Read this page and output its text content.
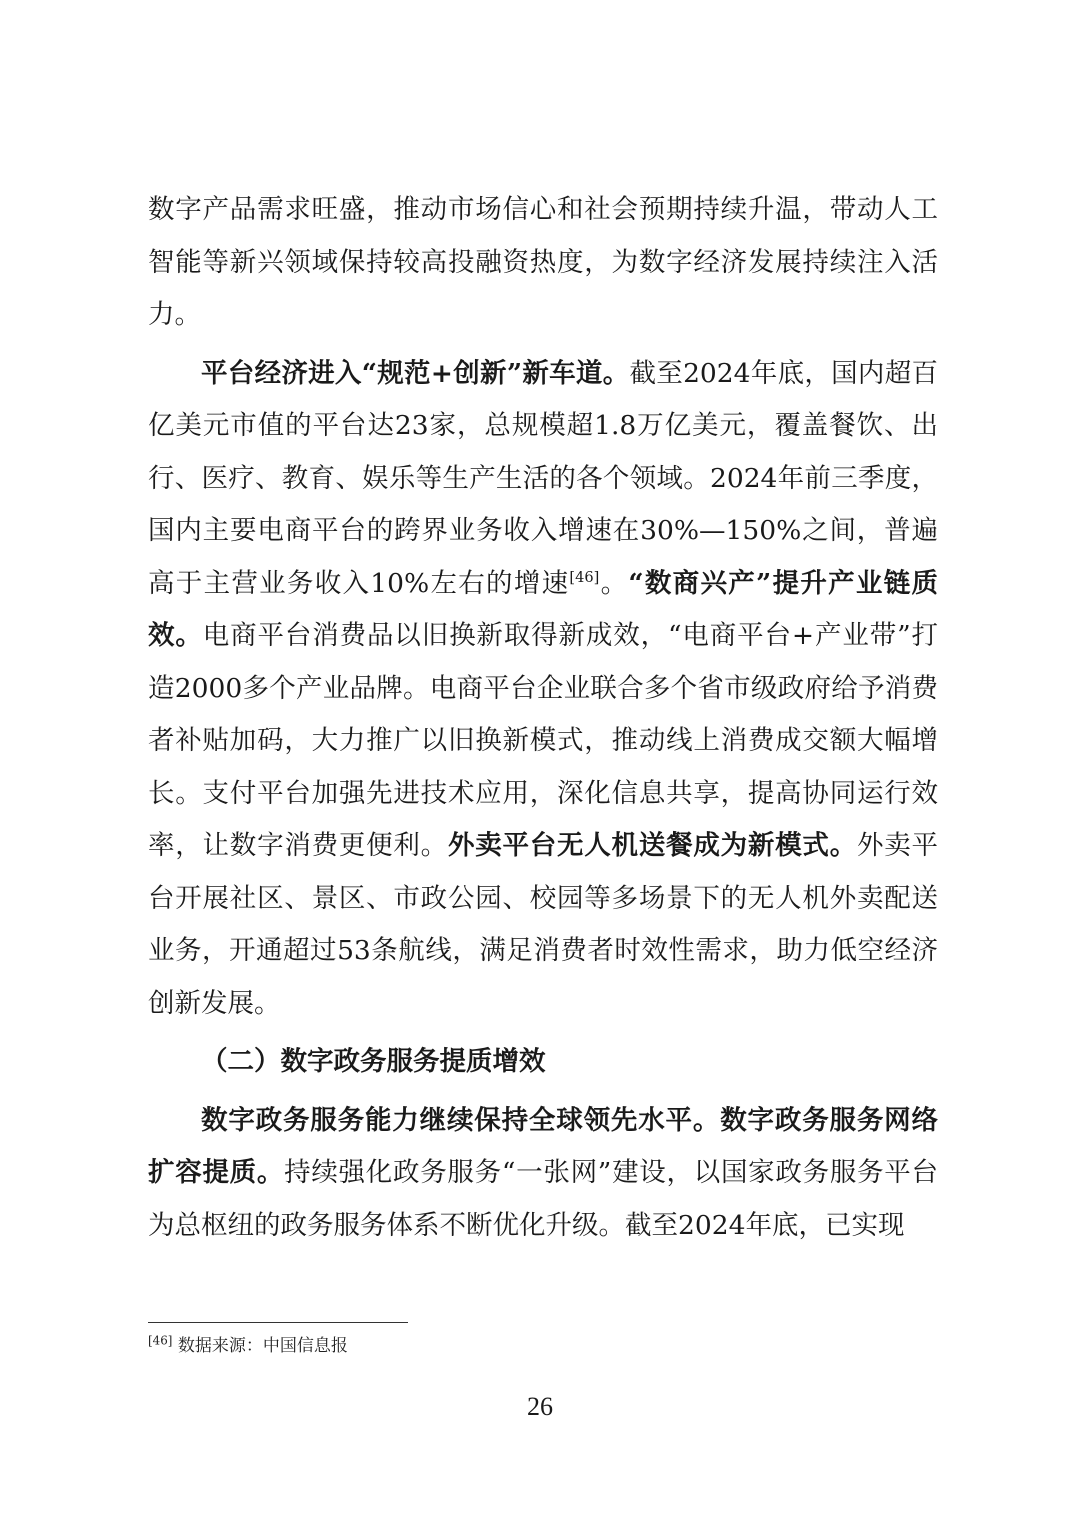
数字产品需求旺盛，推动市场信心和社会预期持续升温，带动人工智能等新兴领域保持较高投融资热度，为数字经济发展持续注入活力。

平台经济进入“规范+创新”新车道。截至2024年底，国内超百亿美元市值的平台达23家，总规模超1.8万亿美元，覆盖餐饮、出行、医疗、教育、娱乐等生产生活的各个领域。2024年前三季度，国内主要电商平台的跨界业务收入增速在30%—150%之间，普遍高于主营业务收入10%左右的增速[46]。“数商兴产”提升产业链质效。电商平台消费品以旧换新取得新成效，“电商平台+产业带”打造2000多个产业品牌。电商平台企业联合多个省市级政府给予消费者补贴加码，大力推广以旧换新模式，推动线上消费成交额大幅增长。支付平台加强先进技术应用，深化信息共享，提高协同运行效率，让数字消费更便利。外卖平台无人机送餐成为新模式。外卖平台开展社区、景区、市政公园、校园等多场景下的无人机外卖配送业务，开通超过53条航线，满足消费者时效性需求，助力低空经济创新发展。

（二）数字政务服务提质增效

数字政务服务能力继续保持全球领先水平。数字政务服务网络扩容提质。持续强化政务服务“一张网”建设，以国家政务服务平台为总枢纽的政务服务体系不断优化升级。截至2024年底，已实现

[46] 数据来源：中国信息报
26
